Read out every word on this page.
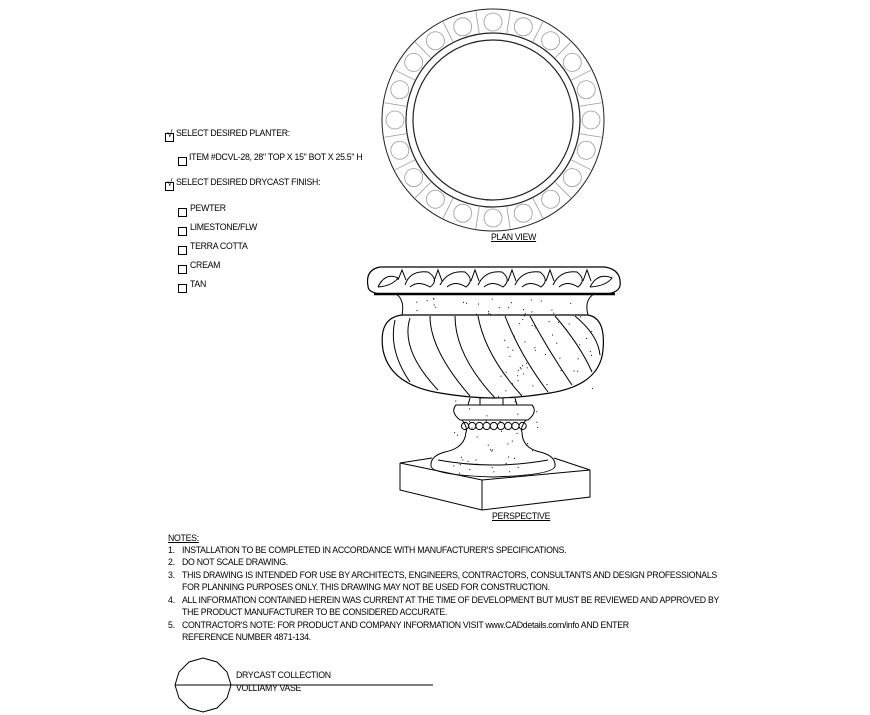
√ SELECT DESIRED PLANTER:
ITEM #DCVL-28, 28" TOP X 15" BOT X 25.5" H
√ SELECT DESIRED DRYCAST FINISH:
PEWTER
LIMESTONE/FLW
TERRA COTTA
CREAM
TAN
PLAN VIEW
PERSPECTIVE
NOTES:
1. INSTALLATION TO BE COMPLETED IN ACCORDANCE WITH MANUFACTURER'S SPECIFICATIONS.
2. DO NOT SCALE DRAWING.
3. THIS DRAWING IS INTENDED FOR USE BY ARCHITECTS, ENGINEERS, CONTRACTORS, CONSULTANTS AND DESIGN PROFESSIONALS
FOR PLANNING PURPOSES ONLY. THIS DRAWING MAY NOT BE USED FOR CONSTRUCTION.
4. ALL INFORMATION CONTAINED HEREIN WAS CURRENT AT THE TIME OF DEVELOPMENT BUT MUST BE REVIEWED AND APPROVED BY
THE PRODUCT MANUFACTURER TO BE CONSIDERED ACCURATE.
5. CONTRACTOR'S NOTE: FOR PRODUCT AND COMPANY INFORMATION VISIT www.CADdetails.com/info AND ENTER
REFERENCE NUMBER 4871-134.
DRYCAST COLLECTION
VOLLIAMY VASE
